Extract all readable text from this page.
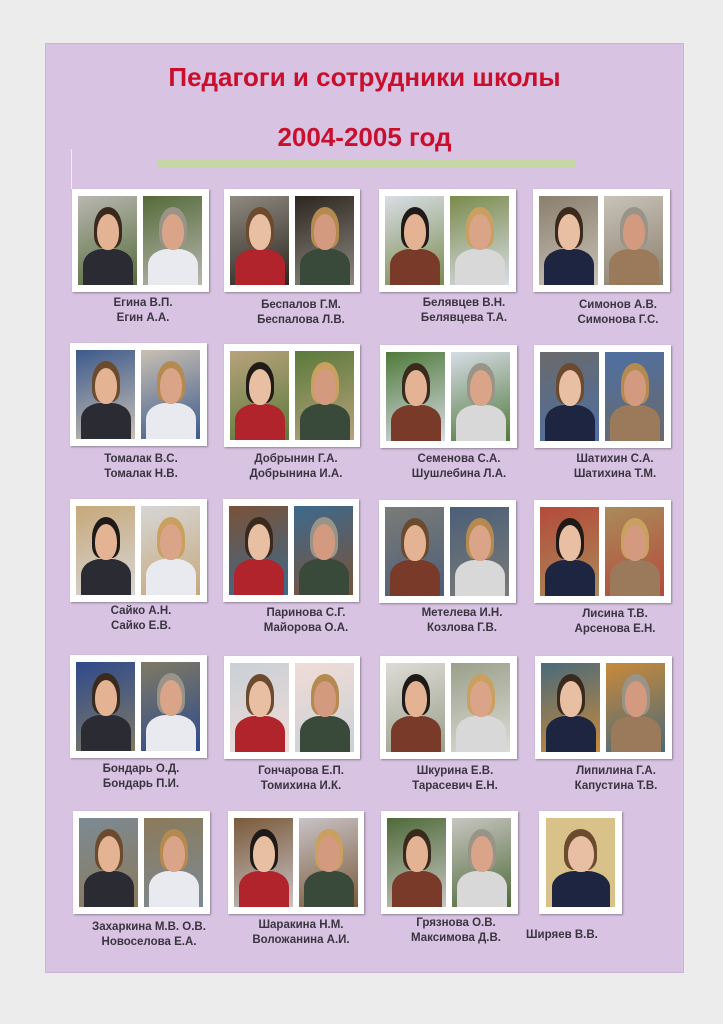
Педагоги и сотрудники школы
2004-2005 год
Егина В.П.
Егин А.А.
Беспалов Г.М.
Беспалова Л.В.
Белявцев В.Н.
Белявцева Т.А.
Симонов А.В.
Симонова Г.С.
Томалак В.С.
Томалак Н.В.
Добрынин Г.А.
Добрынина И.А.
Семенова С.А.
Шушлебина Л.А.
Шатихин С.А.
Шатихина Т.М.
Сайко А.Н.
Сайко Е.В.
Паринова С.Г.
Майорова О.А.
Метелева И.Н.
Козлова Г.В.
Лисина Т.В.
Арсенова Е.Н.
Бондарь О.Д.
Бондарь П.И.
Гончарова Е.П.
Томихина И.К.
Шкурина Е.В.
Тарасевич Е.Н.
Липилина Г.А.
Капустина Т.В.
Захаркина М.В. О.В.
Новоселова Е.А.
Шаракина Н.М.
Воложанина А.И.
Грязнова О.В.
Максимова Д.В.	Ширяев В.В.
